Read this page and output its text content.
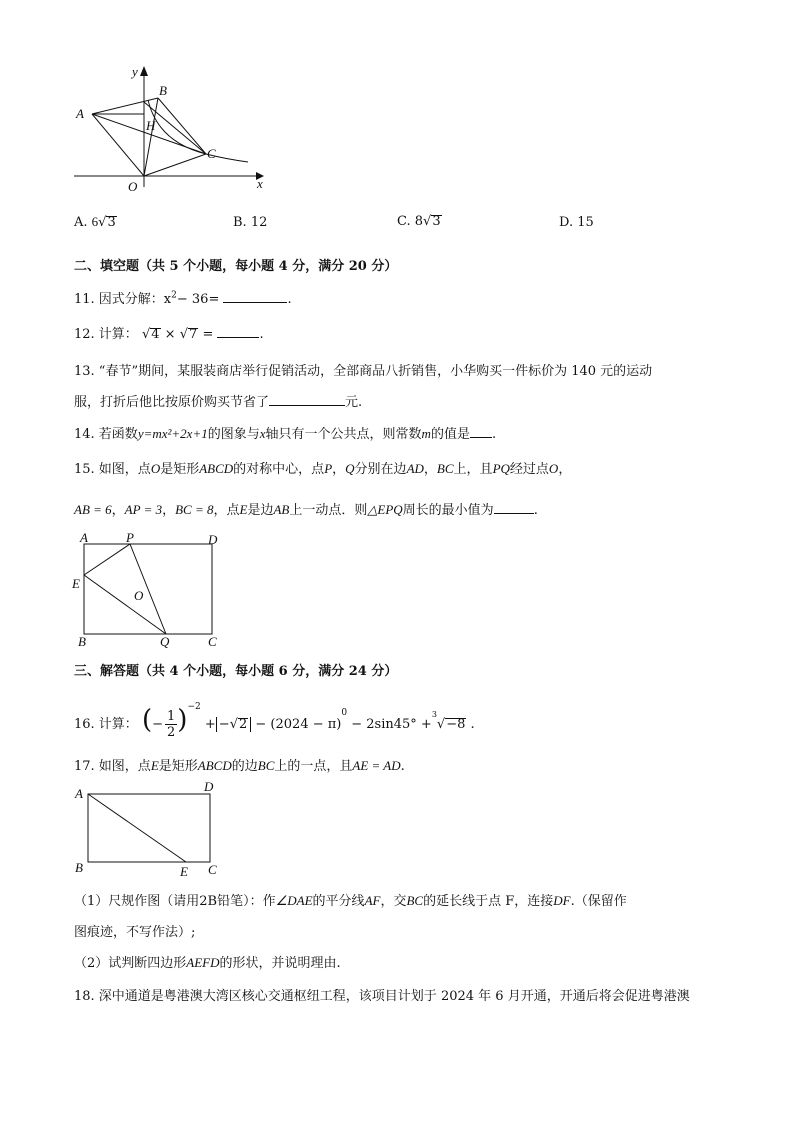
y
B
A
H
C
O	x
A. 6√3	B. 12	C. 8√3	D. 15
二、填空题（共 5 个小题，每小题 4 分，满分 20 分）
11. 因式分解：$x^2- 36=$	.
12. 计算： √4 × √7 =	.
13. “春节”期间，某服装商店举行促销活动，全部商品八折销售，小华购买一件标价为 140 元的运动
服，打折后他比按原价购买节省了	元.
14. 若函数y=mx²+2x+1的图象与x轴只有一个公共点，则常数m的值是 .
15. 如图，点O是矩形ABCD的对称中心，点P，Q分别在边AD，BC上，且PQ经过点O，
AB = 6，AP = 3，BC = 8，点E是边AB上一动点．则△EPQ周长的最小值为	.
A	P	D
E
O
B	Q	C
三、解答题（共 4 个小题，每小题 6 分，满分 24 分）
16. 计算： (− $\frac{1}{2} )^{-2} + -√2 - (2024 - \pi)^0 - 2\sin 45^\circ +^3√-8$ .
17. 如图，点E是矩形ABCD的边BC上的一点，且AE = AD.
A	D
B	E C
（1）尺规作图（请用2B铅笔）：作∠DAE的平分线AF，交BC的延长线于点 F，连接DF.（保留作
图痕迹，不写作法）;
（2）试判断四边形AEFD的形状，并说明理由.
18. 深中通道是粤港澳大湾区核心交通枢纽工程，该项目计划于 2024 年 6 月开通，开通后将会促进粤港澳
